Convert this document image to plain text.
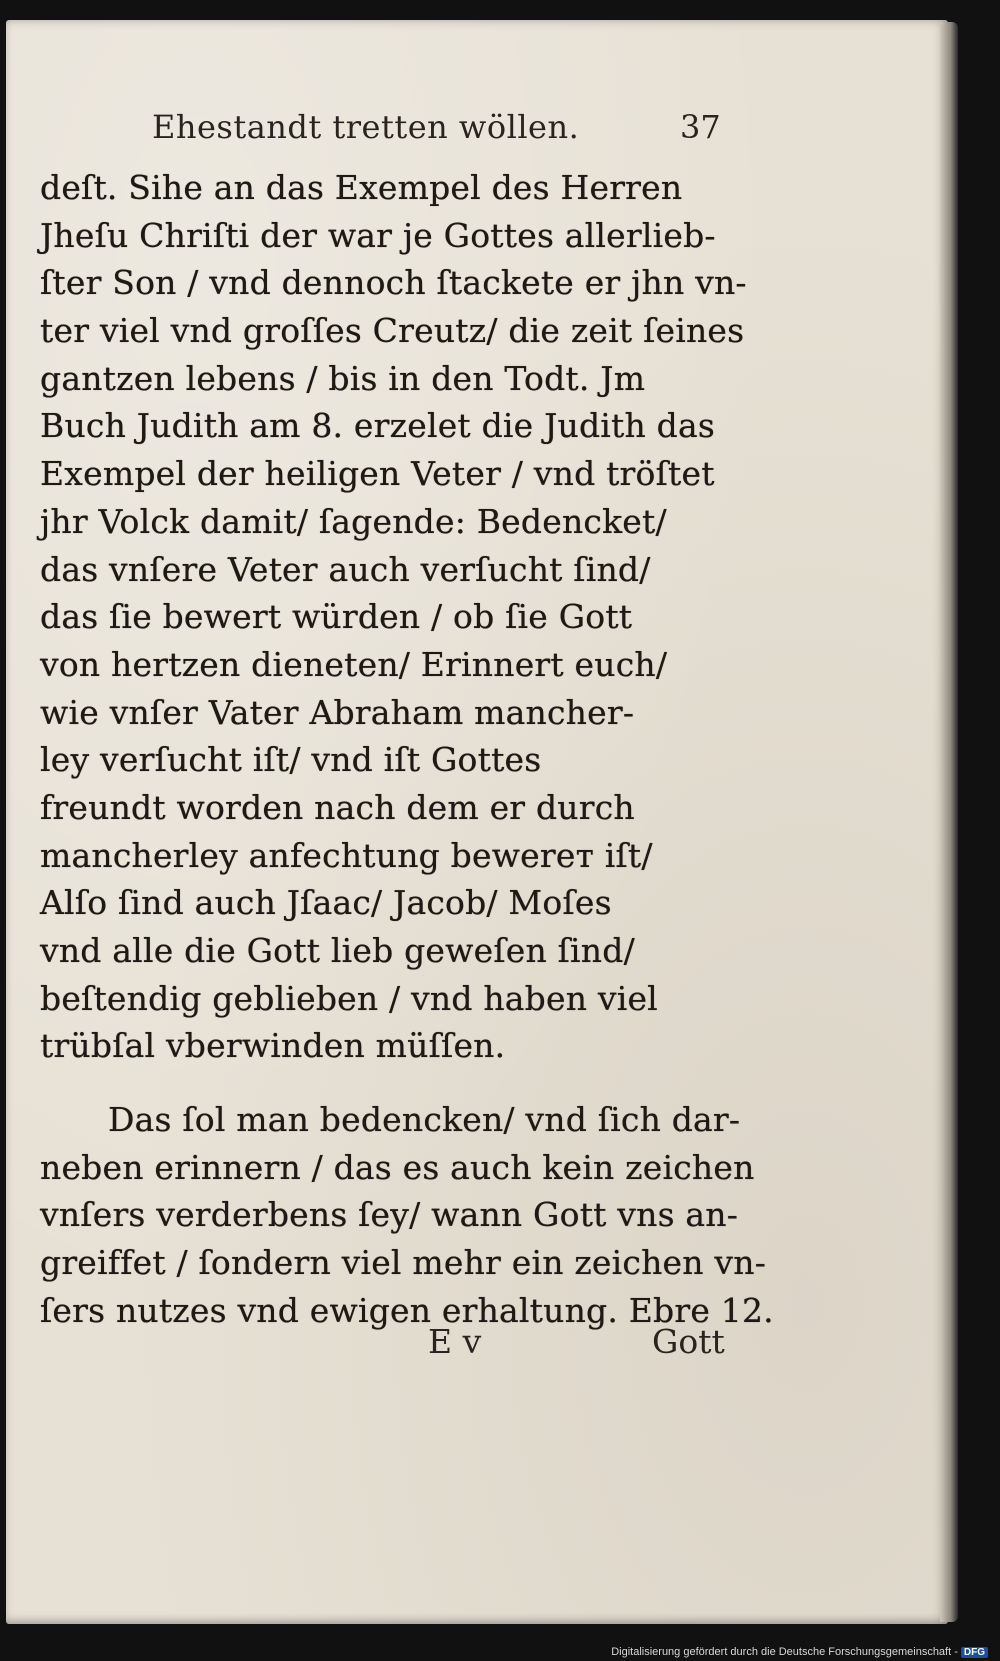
Ehestandt tretten wöllen.	37
deſt. Sihe an das Exempel des Herren
Jheſu Chriſti der war je Gottes allerlieb-
ſter Son / vnd dennoch ſtackete er jhn vn-
ter viel vnd groſſes Creutz/ die zeit ſeines
gantzen lebens / bis in den Todt. Jm
Buch Judith am 8. erzelet die Judith das
Exempel der heiligen Veter / vnd tröſtet
jhr Volck damit/ ſagende: Bedencket/
das vnſere Veter auch verſucht ſind/
das ſie bewert würden / ob ſie Gott
von hertzen dieneten/ Erinnert euch/
wie vnſer Vater Abraham mancher-
ley verſucht iſt/ vnd iſt Gottes
freundt worden nach dem er durch
mancherley anfechtung bewerет iſt/
Alſo ſind auch Jſaac/ Jacob/ Moſes
vnd alle die Gott lieb geweſen ſind/
beſtendig geblieben / vnd haben viel
trübſal vberwinden müſſen.
Das ſol man bedencken/ vnd ſich dar-
neben erinnern / das es auch kein zeichen
vnſers verderbens ſey/ wann Gott vns an-
greiffet / ſondern viel mehr ein zeichen vn-
ſers nutzes vnd ewigen erhaltung. Ebre 12.
E v	Gott
Digitalisierung gefördert durch die Deutsche Forschungsgemeinschaft - DFG
